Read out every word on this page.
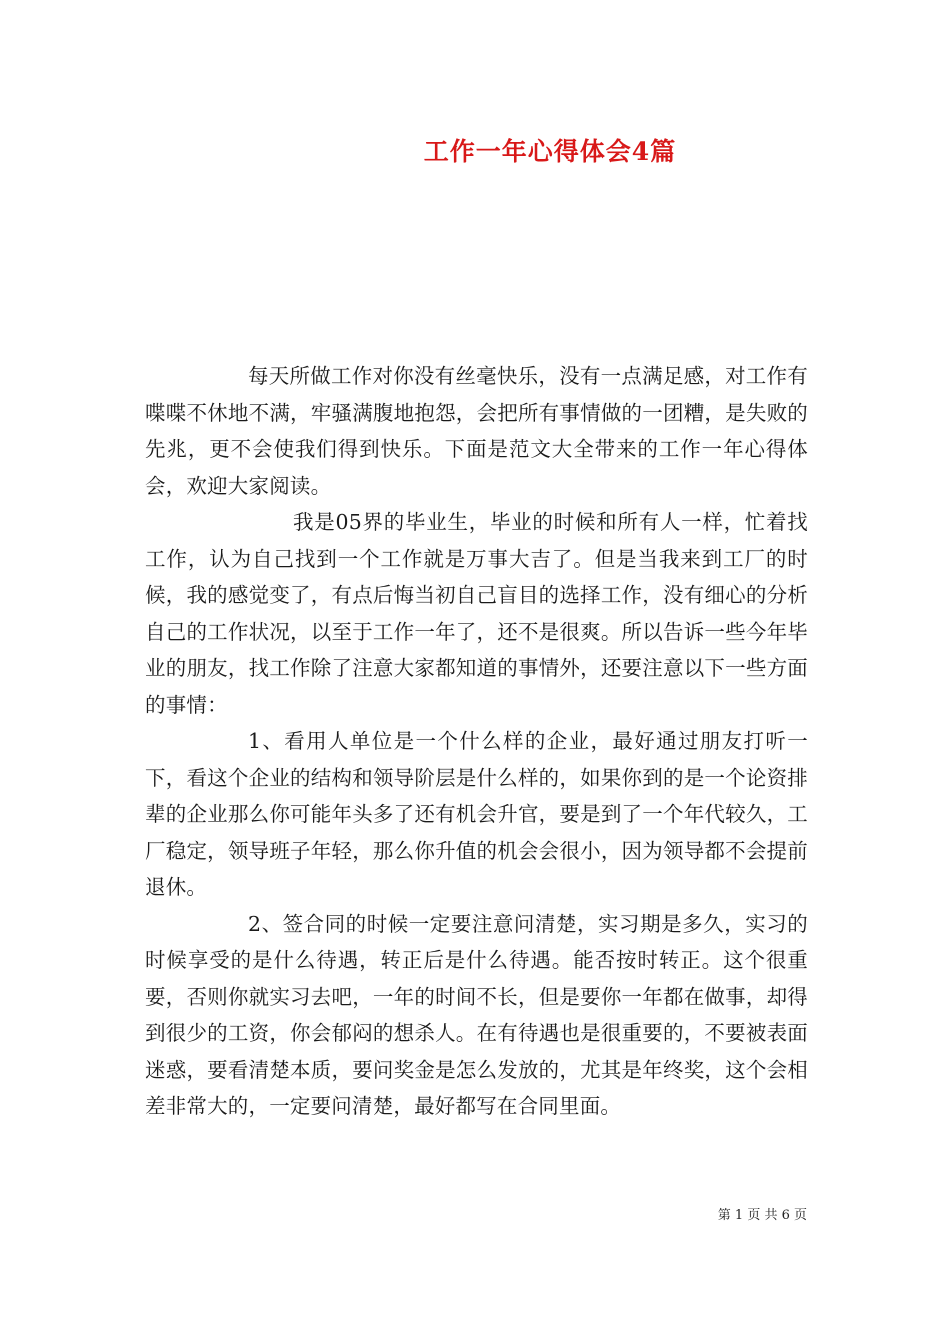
工作一年心得体会4篇

每天所做工作对你没有丝毫快乐，没有一点满足感，对工作有喋喋不休地不满，牢骚满腹地抱怨，会把所有事情做的一团糟，是失败的先兆，更不会使我们得到快乐。下面是范文大全带来的工作一年心得体会，欢迎大家阅读。

我是05界的毕业生，毕业的时候和所有人一样，忙着找工作，认为自己找到一个工作就是万事大吉了。但是当我来到工厂的时候，我的感觉变了，有点后悔当初自己盲目的选择工作，没有细心的分析自己的工作状况，以至于工作一年了，还不是很爽。所以告诉一些今年毕业的朋友，找工作除了注意大家都知道的事情外，还要注意以下一些方面的事情：

1、看用人单位是一个什么样的企业，最好通过朋友打听一下，看这个企业的结构和领导阶层是什么样的，如果你到的是一个论资排辈的企业那么你可能年头多了还有机会升官，要是到了一个年代较久，工厂稳定，领导班子年轻，那么你升值的机会会很小，因为领导都不会提前退休。

2、签合同的时候一定要注意问清楚，实习期是多久，实习的时候享受的是什么待遇，转正后是什么待遇。能否按时转正。这个很重要，否则你就实习去吧，一年的时间不长，但是要你一年都在做事，却得到很少的工资，你会郁闷的想杀人。在有待遇也是很重要的，不要被表面迷惑，要看清楚本质，要问奖金是怎么发放的，尤其是年终奖，这个会相差非常大的，一定要问清楚，最好都写在合同里面。

第 1 页 共 6 页
